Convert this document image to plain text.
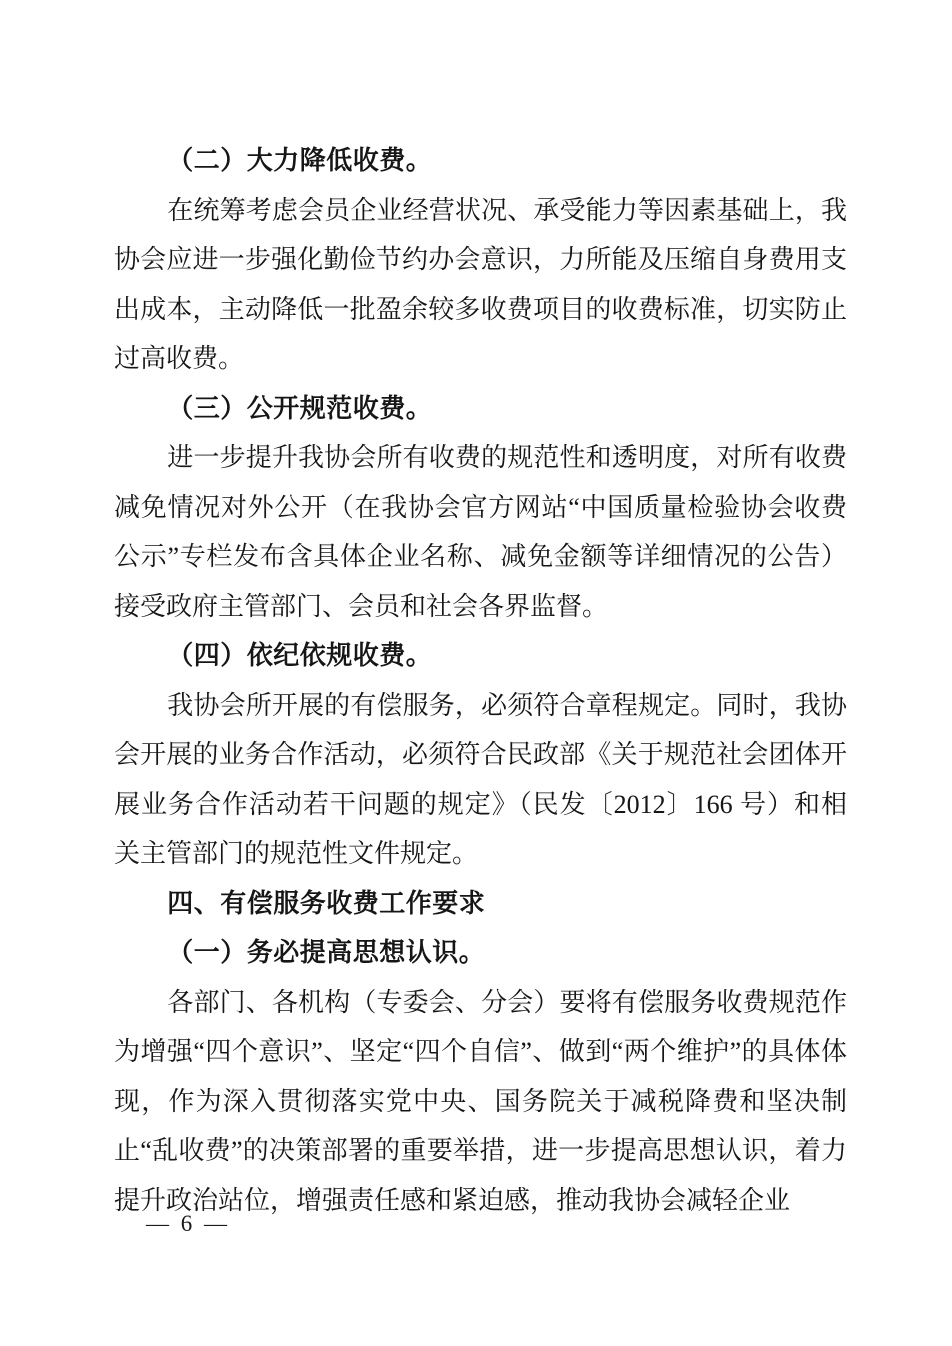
（二）大力降低收费。

在统筹考虑会员企业经营状况、承受能力等因素基础上，我协会应进一步强化勤俭节约办会意识，力所能及压缩自身费用支出成本，主动降低一批盈余较多收费项目的收费标准，切实防止过高收费。

（三）公开规范收费。

进一步提升我协会所有收费的规范性和透明度，对所有收费减免情况对外公开（在我协会官方网站“中国质量检验协会收费公示”专栏发布含具体企业名称、减免金额等详细情况的公告）接受政府主管部门、会员和社会各界监督。

（四）依纪依规收费。

我协会所开展的有偿服务，必须符合章程规定。同时，我协会开展的业务合作活动，必须符合民政部《关于规范社会团体开展业务合作活动若干问题的规定》（民发〔2012〕166 号）和相关主管部门的规范性文件规定。

四、有偿服务收费工作要求

（一）务必提高思想认识。

各部门、各机构（专委会、分会）要将有偿服务收费规范作为增强“四个意识”、坚定“四个自信”、做到“两个维护”的具体体现，作为深入贯彻落实党中央、国务院关于减税降费和坚决制止“乱收费”的决策部署的重要举措，进一步提高思想认识，着力提升政治站位，增强责任感和紧迫感，推动我协会减轻企业

— 6 —
